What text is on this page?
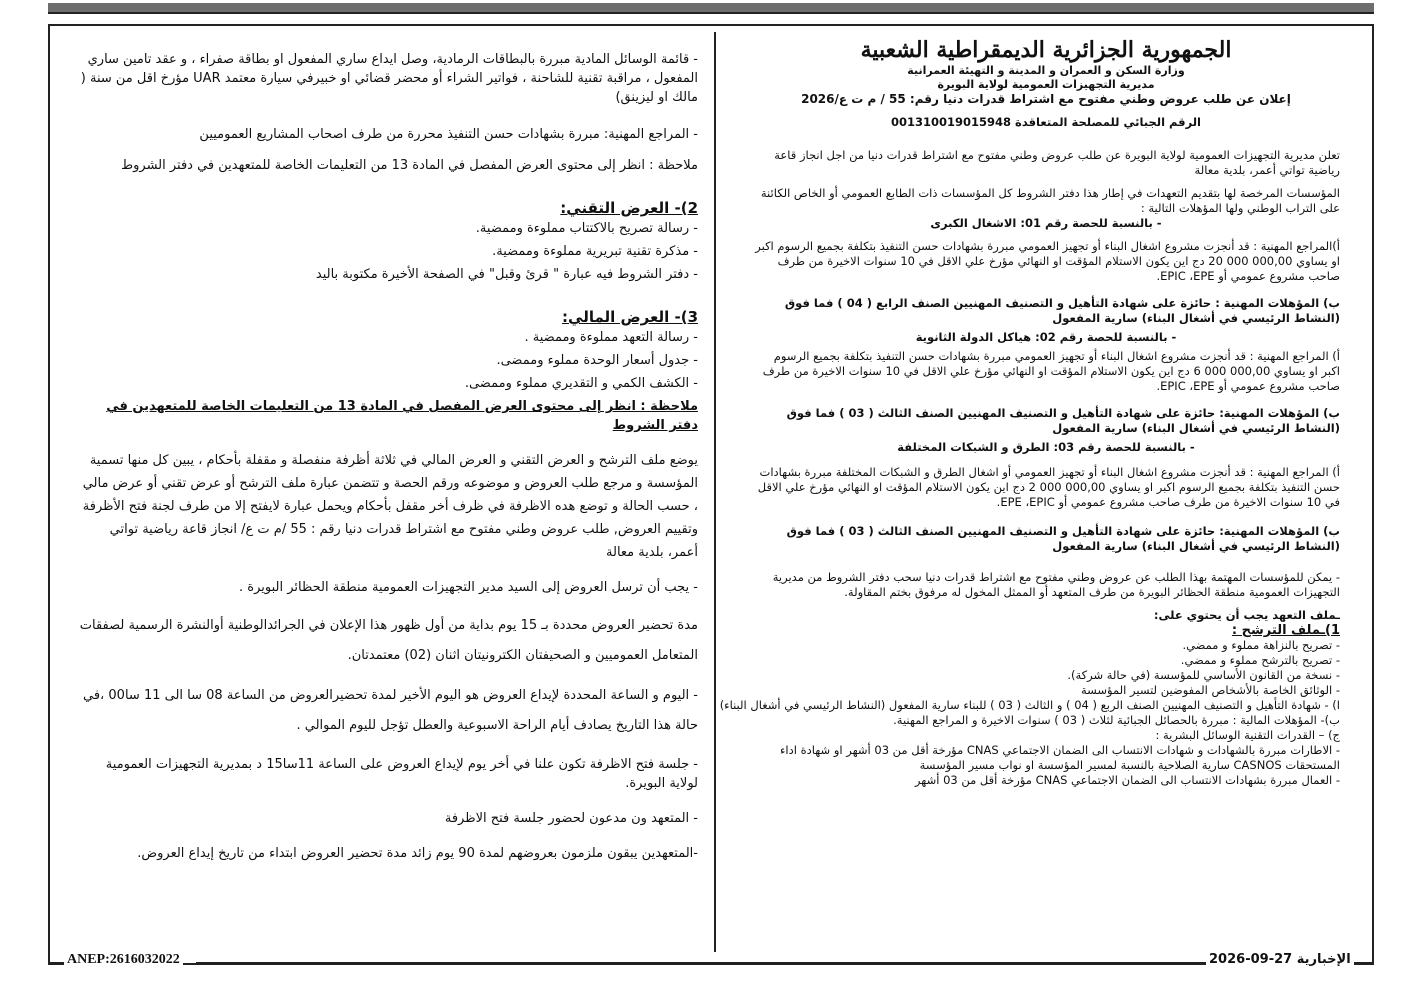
الجمهورية الجزائرية الديمقراطية الشعبية
وزارة السكن و العمران و المدينة و التهيئة العمرانية
مديرية التجهيزات العمومية لولاية البويرة
إعلان عن طلب عروض وطني مفتوح مع اشتراط قدرات دنيا رقم: 55 / م ت ع/2026
الرقم الجبائي للمصلحة المتعاقدة 001310019015948
تعلن مديرية التجهيزات العمومية لولاية البويرة عن طلب عروض وطني مفتوح مع اشتراط قدرات دنيا من اجل انجاز قاعة رياضية تواتي أعمر، بلدية معالة
المؤسسات المرخصة لها بتقديم التعهدات في إطار هذا دفتر الشروط كل المؤسسات ذات الطابع العمومي أو الخاص الكائنة على التراب الوطني ولها المؤهلات التالية :
- بالنسبة للحصة رقم 01: الاشغال الكبرى
أ)المراجع المهنية : قد أنجزت مشروع اشغال البناء أو تجهيز العمومي مبررة بشهادات حسن التنفيذ بتكلفة بجميع الرسوم اكبر او يساوي 000,00 000 20 دج اين يكون الاستلام المؤقت او النهائي مؤرخ علي الاقل في 10 سنوات الاخيرة من طرف صاحب مشروع عمومي أو EPIC ،EPE.
ب) المؤهلات المهنية : حائزة على شهادة التأهيل و التصنيف المهنيين الصنف الرابع ( 04 ) فما فوق (النشاط الرئيسي في أشغال البناء) سارية المفعول
- بالنسبة للحصة رقم 02: هياكل الدولة الثانوية
أ) المراجع المهنية : قد أنجزت مشروع اشغال البناء أو تجهيز العمومي مبررة بشهادات حسن التنفيذ بتكلفة بجميع الرسوم اكبر او يساوي 000,00 000 6 دج اين يكون الاستلام المؤقت او النهائي مؤرخ علي الاقل في 10 سنوات الاخيرة من طرف صاحب مشروع عمومي أو EPIC ،EPE.
ب) المؤهلات المهنية: حائزة على شهادة التأهيل و التصنيف المهنيين الصنف الثالث ( 03 ) فما فوق (النشاط الرئيسي في أشغال البناء) سارية المفعول
- بالنسبة للحصة رقم 03: الطرق و الشبكات المختلفة
أ) المراجع المهنية : قد أنجزت مشروع اشغال البناء أو تجهيز العمومي أو اشغال الطرق و الشبكات المختلفة مبررة بشهادات حسن التنفيذ بتكلفة بجميع الرسوم اكبر او يساوي 000,00 000 2 دج اين يكون الاستلام المؤقت او النهائي مؤرخ علي الاقل في 10 سنوات الاخيرة من طرف صاحب مشروع عمومي أو EPE ،EPIC.
ب) المؤهلات المهنية: حائزة على شهادة التأهيل و التصنيف المهنيين الصنف الثالث ( 03 ) فما فوق (النشاط الرئيسي في أشغال البناء) سارية المفعول
- يمكن للمؤسسات المهتمة بهذا الطلب عن عروض وطني مفتوح مع اشتراط قدرات دنيا سحب دفتر الشروط من مديرية التجهيزات العمومية منطقة الحظائر البويرة من طرف المتعهد أو الممثل المخول له مرفوق بختم المقاولة.
ـملف التعهد يجب أن يحتوي على:
1)ـملف الترشح :
- تصريح بالنزاهة مملوء و ممضي.
- تصريح بالترشح مملوء و ممضي.
- نسخة من القانون الأساسي للمؤسسة (في حالة شركة).
- الوثائق الخاصة بالأشخاص المفوضين لتسير المؤسسة
ا) - شهادة التأهيل و التصنيف المهنيين الصنف الربع ( 04 ) و الثالث ( 03 ) للبناء سارية المفعول (النشاط الرئيسي في أشغال البناء)
ب)- المؤهلات المالية : مبررة بالحصائل الجبائية لثلاث ( 03 ) سنوات الاخيرة و المراجع المهنية.
ج) – القدرات التقنية الوسائل البشرية :
- الاطارات مبررة بالشهادات و شهادات الانتساب الى الضمان الاجتماعي CNAS مؤرخة أقل من 03 أشهر او شهادة اداء المستحقات CASNOS سارية الصلاحية بالنسبة لمسير المؤسسة او نواب مسير المؤسسة
- العمال مبررة بشهادات الانتساب الى الضمان الاجتماعي CNAS مؤرخة أقل من 03 أشهر
- قائمة الوسائل المادية مبررة بالبطاقات الرمادية، وصل ايداع ساري المفعول او بطاقة صفراء ، و عقد تامين ساري المفعول ، مراقبة تقنية للشاحنة ، فواتير الشراء أو محضر قضائي او خبيرفي سيارة معتمد UAR مؤرخ اقل من سنة ( مالك او ليزينق)
- المراجع المهنية: مبررة بشهادات حسن التنفيذ محررة من طرف اصحاب المشاريع العموميين
ملاحظة : انظر إلى محتوى العرض المفصل في المادة 13 من التعليمات الخاصة للمتعهدين في دفتر الشروط
2)- العرض التقني:
- رسالة تصريح بالاكتتاب مملوءة وممضية.
- مذكرة تقنية تبريرية مملوءة وممضية.
- دفتر الشروط فيه عبارة " قرئ وقبل" في الصفحة الأخيرة مكتوبة باليد
3)- العرض المالي:
- رسالة التعهد مملوءة وممضية .
- جدول أسعار الوحدة مملوء وممضى.
- الكشف الكمي و التقديري مملوء وممضى.
ملاحظة : انظر إلى محتوى العرض المفصل في المادة 13 من التعليمات الخاصة للمتعهدين في دفتر الشروط
يوضع ملف الترشح و العرض التقني و العرض المالي في ثلاثة أظرفة منفصلة و مقفلة بأحكام ، يبين كل منها تسمية المؤسسة و مرجع طلب العروض و موضوعه ورقم الحصة و تتضمن عبارة ملف الترشح أو عرض تقني أو عرض مالي ، حسب الحالة و توضع هده الاظرفة في ظرف أخر مقفل بأحكام ويحمل عبارة لايفتح إلا من طرف لجنة فتح الأظرفة وتقييم العروض, طلب عروض وطني مفتوح مع اشتراط قدرات دنيا رقم : 55 /م ت ع/ انجاز قاعة رياضية تواتي أعمر، بلدية معالة
- يجب أن ترسل العروض إلى السيد مدير التجهيزات العمومية منطقة الحظائر البويرة .
مدة تحضير العروض محددة بـ 15 يوم بداية من أول ظهور هذا الإعلان في الجرائدالوطنية أوالنشرة الرسمية لصفقات المتعامل العموميين و الصحيفتان الكترونيتان اثنان (02) معتمدتان.
- اليوم و الساعة المحددة لإيداع العروض هو اليوم الأخير لمدة تحضيرالعروض من الساعة 08 سا الى 11 سا00 ،في حالة هذا التاريخ يصادف أيام الراحة الاسبوعية والعطل تؤجل لليوم الموالي .
- جلسة فتح الاظرفة تكون علنا في أخر يوم لإيداع العروض على الساعة 11سا15 د بمديرية التجهيزات العمومية لولاية البويرة.
- المتعهد ون مدعون لحضور جلسة فتح الاظرفة
-المتعهدين يبقون ملزمون بعروضهم لمدة 90 يوم زائد مدة تحضير العروض ابتداء من تاريخ إيداع العروض.
ANEP:2616032022	الإخبارية 27-09-2026
